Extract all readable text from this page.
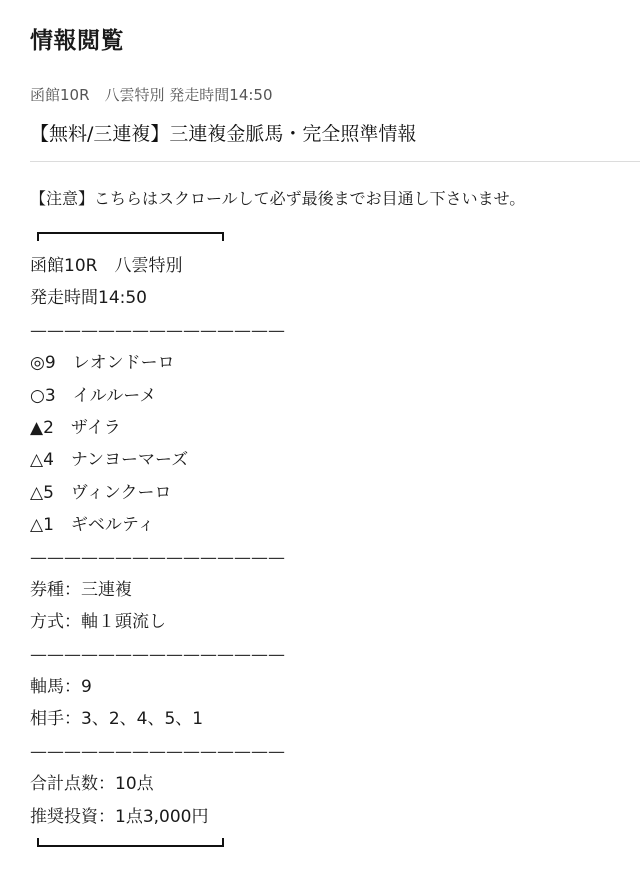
情報閲覧
函館10R　八雲特別 発走時間14:50
【無料/三連複】三連複金脈馬・完全照準情報
【注意】こちらはスクロールして必ず最後までお目通し下さいませ。
函館10R　八雲特別
発走時間14:50
———————————————
◎9　レオンドーロ
○3　イルルーメ
▲2　ザイラ
△4　ナンヨーマーズ
△5　ヴィンクーロ
△1　ギベルティ
———————————————
券種：三連複
方式：軸１頭流し
———————————————
軸馬：9
相手：3、2、4、5、1
———————————————
合計点数：10点
推奨投資：1点3,000円
